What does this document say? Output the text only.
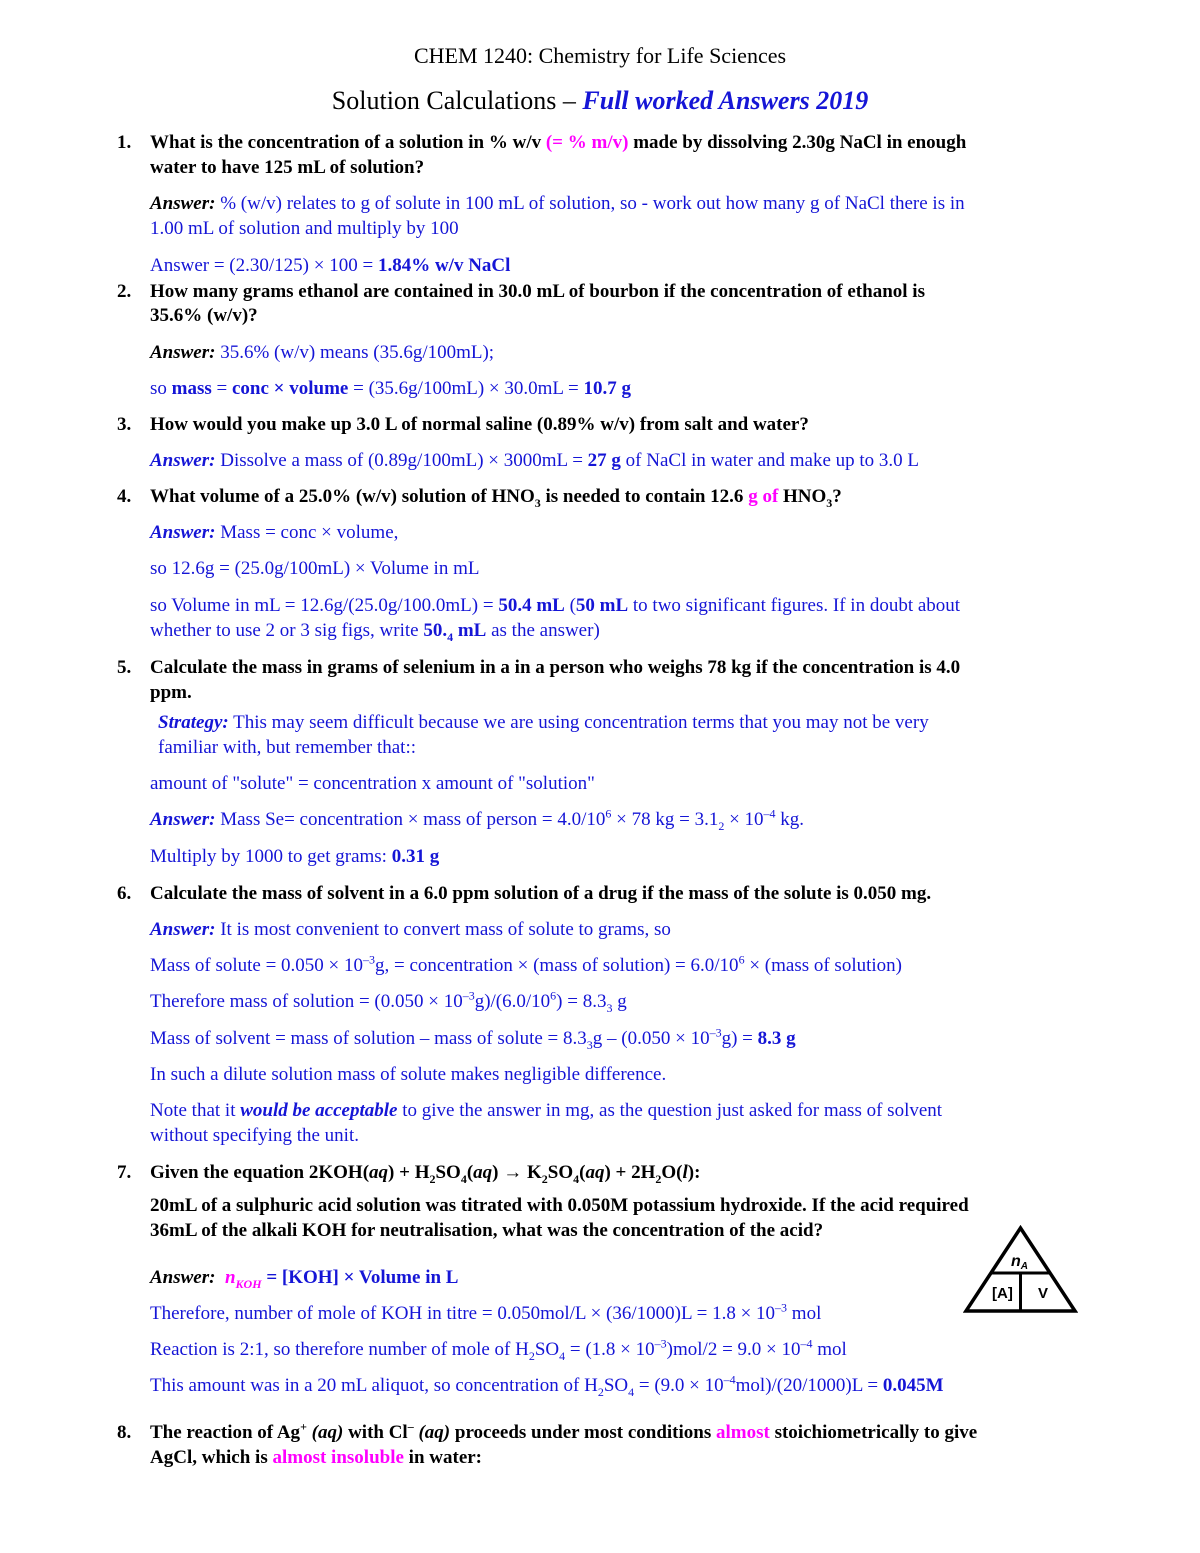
CHEM 1240: Chemistry for Life Sciences
Solution Calculations – Full worked Answers 2019
1. What is the concentration of a solution in % w/v (= % m/v) made by dissolving 2.30g NaCl in enough
water to have 125 mL of solution?
Answer: % (w/v) relates to g of solute in 100 mL of solution, so - work out how many g of NaCl there is in
1.00 mL of solution and multiply by 100
Answer = (2.30/125) × 100 = 1.84% w/v NaCl
2. How many grams ethanol are contained in 30.0 mL of bourbon if the concentration of ethanol is
35.6% (w/v)?
Answer: 35.6% (w/v) means (35.6g/100mL);
so mass = conc × volume = (35.6g/100mL) × 30.0mL = 10.7 g
3. How would you make up 3.0 L of normal saline (0.89% w/v) from salt and water?
Answer: Dissolve a mass of (0.89g/100mL) × 3000mL = 27 g of NaCl in water and make up to 3.0 L
4. What volume of a 25.0% (w/v) solution of $HNO_3$ is needed to contain 12.6 g of $HNO_3$?
Answer: Mass = conc × volume,
so 12.6g = (25.0g/100mL) × Volume in mL
so Volume in mL = 12.6g/(25.0g/100.0mL) = 50.4 mL (50 mL to two significant figures. If in doubt about
whether to use 2 or 3 sig figs, write $50._4$ mL as the answer)
5. Calculate the mass in grams of selenium in a in a person who weighs 78 kg if the concentration is 4.0
ppm.
Strategy: This may seem difficult because we are using concentration terms that you may not be very
familiar with, but remember that::
amount of "solute" = concentration x amount of "solution"
Answer: Mass Se= concentration × mass of person = $4.0/10^6 \times 78$ kg = $3.1_2 \times 10^{-4}$ kg.
Multiply by 1000 to get grams: 0.31 g
6. Calculate the mass of solvent in a 6.0 ppm solution of a drug if the mass of the solute is 0.050 mg.
Answer: It is most convenient to convert mass of solute to grams, so
Mass of solute = $0.050 \times 10^{-3}g$, = concentration × (mass of solution) = $6.0/10^6$ × (mass of solution)
Therefore mass of solution = $(0.050 \times 10^{-3}g)/(6.0/10^6) = 8.3_3$ g
Mass of solvent = mass of solution – mass of solute = $8.3_3g - (0.050 \times 10^{-3}g) = 8.3$ g
In such a dilute solution mass of solute makes negligible difference.
Note that it would be acceptable to give the answer in mg, as the question just asked for mass of solvent
without specifying the unit.
7. Given the equation $2KOH(aq) + H_2SO_4(aq) \to K_2SO_4(aq) + 2H_2O(l)$:
20mL of a sulphuric acid solution was titrated with 0.050M potassium hydroxide. If the acid required
36mL of the alkali KOH for neutralisation, what was the concentration of the acid?
nA
[A] V
Answer: $n_{KOH} = [KOH]$ × Volume in L
Therefore, number of mole of KOH in titre = $0.050mol/L \times (36/1000)L = 1.8 \times 10^{-3}$ mol
Reaction is 2:1, so therefore number of mole of $H_2SO_4 = (1.8 \times 10^{-3})mol/2 = 9.0 \times 10^{-4}$ mol
This amount was in a 20 mL aliquot, so concentration of $H_2SO_4 = (9.0 \times 10^{-4}mol)/(20/1000)L = 0.045M$
8. The reaction of Ag+ (aq) with Cl– (aq) proceeds under most conditions almost stoichiometrically to give
AgCl, which is almost insoluble in water:
